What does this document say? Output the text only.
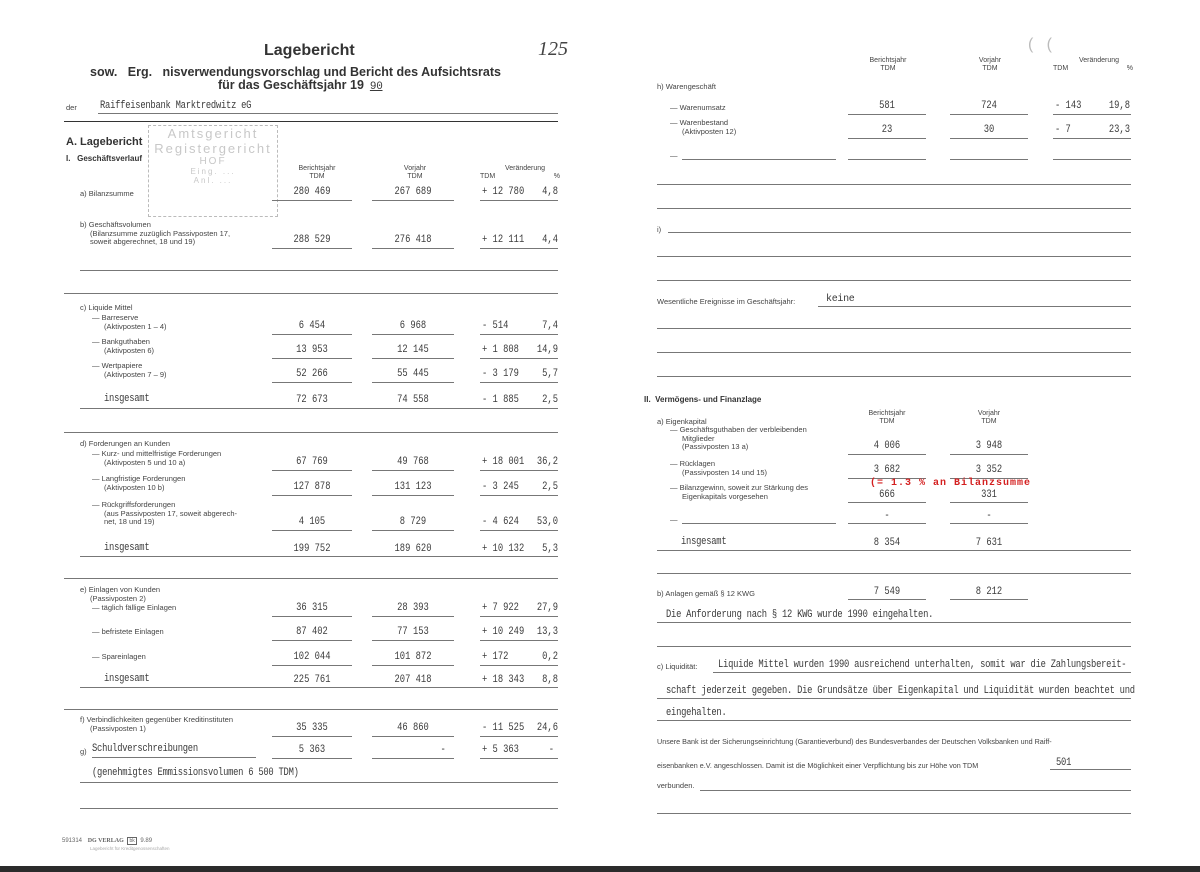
Lagebericht	125
sow.   Erg.   nisverwendungsvorschlag und Bericht des Aufsichtsrats
für das Geschäftsjahr 19 90
der Raiffeisenbank Marktredwitz eG
Amtsgericht
Registergericht
HOF
Eing. ...
Anl. ...
A. Lagebericht
I.   Geschäftsverlauf
Berichtsjahr
TDM
Vorjahr
TDM
Veränderung
TDM	%
a) Bilanzsumme	280 469	267 689	+ 12 780	4,8
b) Geschäftsvolumen
(Bilanzsumme zuzüglich Passivposten 17,
soweit abgerechnet, 18 und 19)	288 529	276 418	+ 12 111	4,4
c) Liquide Mittel
— Barreserve
(Aktivposten 1 – 4)	6 454	6 968	- 514	7,4
— Bankguthaben
(Aktivposten 6)	13 953	12 145	+ 1 808	14,9
— Wertpapiere
(Aktivposten 7 – 9)	52 266	55 445	- 3 179	5,7
insgesamt	72 673	74 558	- 1 885	2,5
d) Forderungen an Kunden
— Kurz- und mittelfristige Forderungen
(Aktivposten 5 und 10 a)	67 769	49 768	+ 18 001	36,2
— Langfristige Forderungen
(Aktivposten 10 b)	127 878	131 123	- 3 245	2,5
— Rückgriffsforderungen
(aus Passivposten 17, soweit abgerech-
net, 18 und 19)	4 105	8 729	- 4 624	53,0
insgesamt	199 752	189 620	+ 10 132	5,3
e) Einlagen von Kunden
(Passivposten 2)
— täglich fällige Einlagen	36 315	28 393	+ 7 922	27,9
— befristete Einlagen	87 402	77 153	+ 10 249	13,3
— Spareinlagen	102 044	101 872	+ 172	0,2
insgesamt	225 761	207 418	+ 18 343	8,8
f) Verbindlichkeiten gegenüber Kreditinstituten
(Passivposten 1)	35 335	46 860	- 11 525	24,6
g) Schuldverschreibungen	5 363	-	+ 5 363	-
(genehmigtes Emmissionsvolumen 6 500 TDM)
591314 DG VERLAG bk 9.89
Lagebericht für Kreditgenossenschaften
(   (
Berichtsjahr
TDM
Vorjahr
TDM
Veränderung
TDM	%
h) Warengeschäft
— Warenumsatz	581	724	- 143	19,8
— Warenbestand
(Aktivposten 12)	23	30	- 7	23,3
—
i)
Wesentliche Ereignisse im Geschäftsjahr:	keine
II.  Vermögens- und Finanzlage
Berichtsjahr
TDM
Vorjahr
TDM
a) Eigenkapital
— Geschäftsguthaben der verbleibenden
Mitglieder
(Passivposten 13 a)	4 006	3 948
— Rücklagen
(Passivposten 14 und 15)	3 682	3 352
(= 1.3 % an Bilanzsumme
— Bilanzgewinn, soweit zur Stärkung des
Eigenkapitals vorgesehen	666	331
—	-	-
insgesamt	8 354	7 631
b) Anlagen gemäß § 12 KWG	7 549	8 212
Die Anforderung nach § 12 KWG wurde 1990 eingehalten.
c) Liquidität: Liquide Mittel wurden 1990 ausreichend unterhalten, somit war die Zahlungsbereit-
schaft jederzeit gegeben. Die Grundsätze über Eigenkapital und Liquidität wurden beachtet und
eingehalten.
Unsere Bank ist der Sicherungseinrichtung (Garantieverbund) des Bundesverbandes der Deutschen Volksbanken und Raiff-
eisenbanken e.V. angeschlossen. Damit ist die Möglichkeit einer Verpflichtung bis zur Höhe von TDM	501
verbunden.
